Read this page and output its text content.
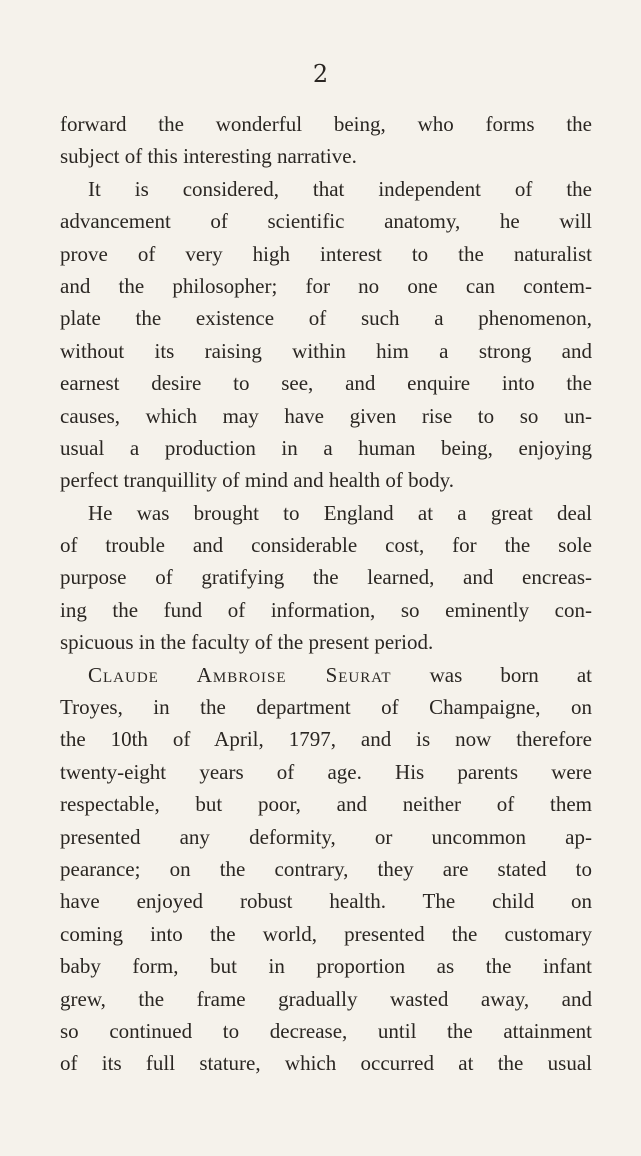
2
forward the wonderful being, who forms the
subject of this interesting narrative.
It is considered, that independent of the
advancement of scientific anatomy, he will
prove of very high interest to the naturalist
and the philosopher; for no one can contem-
plate the existence of such a phenomenon,
without its raising within him a strong and
earnest desire to see, and enquire into the
causes, which may have given rise to so un-
usual a production in a human being, enjoying
perfect tranquillity of mind and health of body.
He was brought to England at a great deal
of trouble and considerable cost, for the sole
purpose of gratifying the learned, and encreas-
ing the fund of information, so eminently con-
spicuous in the faculty of the present period.
Claude Ambroise Seurat was born at
Troyes, in the department of Champaigne, on
the 10th of April, 1797, and is now therefore
twenty-eight years of age. His parents were
respectable, but poor, and neither of them
presented any deformity, or uncommon ap-
pearance; on the contrary, they are stated to
have enjoyed robust health. The child on
coming into the world, presented the customary
baby form, but in proportion as the infant
grew, the frame gradually wasted away, and
so continued to decrease, until the attainment
of its full stature, which occurred at the usual
